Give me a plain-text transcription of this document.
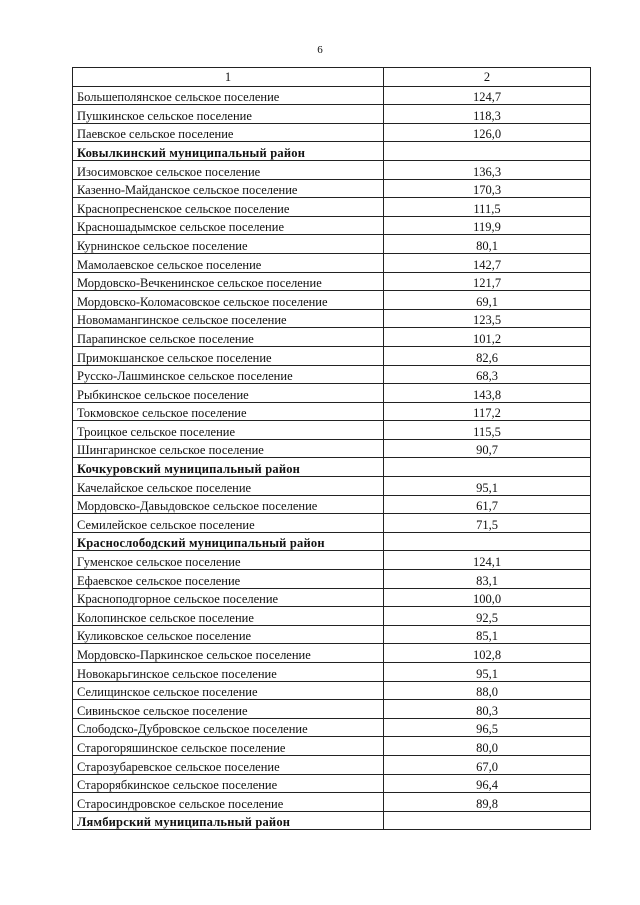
6
1	2
Большеполянское сельское поселение	124,7
Пушкинское сельское поселение	118,3
Паевское сельское поселение	126,0
Ковылкинский муниципальный район	
Изосимовское сельское поселение	136,3
Казенно-Майданское сельское поселение	170,3
Краснопресненское сельское поселение	111,5
Красношадымское сельское поселение	119,9
Курнинское сельское поселение	80,1
Мамолаевское сельское поселение	142,7
Мордовско-Вечкенинское сельское поселение	121,7
Мордовско-Коломасовское сельское поселение	69,1
Новомамангинское сельское поселение	123,5
Парапинское сельское поселение	101,2
Примокшанское сельское поселение	82,6
Русско-Лашминское сельское поселение	68,3
Рыбкинское сельское поселение	143,8
Токмовское сельское поселение	117,2
Троицкое сельское поселение	115,5
Шингаринское сельское поселение	90,7
Кочкуровский муниципальный район	
Качелайское сельское поселение	95,1
Мордовско-Давыдовское сельское поселение	61,7
Семилейское сельское поселение	71,5
Краснослободский муниципальный район	
Гуменское сельское поселение	124,1
Ефаевское сельское поселение	83,1
Красноподгорное сельское поселение	100,0
Колопинское сельское поселение	92,5
Куликовское сельское поселение	85,1
Мордовско-Паркинское сельское поселение	102,8
Новокарьгинское сельское поселение	95,1
Селищинское сельское поселение	88,0
Сивиньское сельское поселение	80,3
Слободско-Дубровское сельское поселение	96,5
Старогоряшинское сельское поселение	80,0
Старозубаревское сельское поселение	67,0
Старорябкинское сельское поселение	96,4
Старосиндровское сельское поселение	89,8
Лямбирский муниципальный район	
